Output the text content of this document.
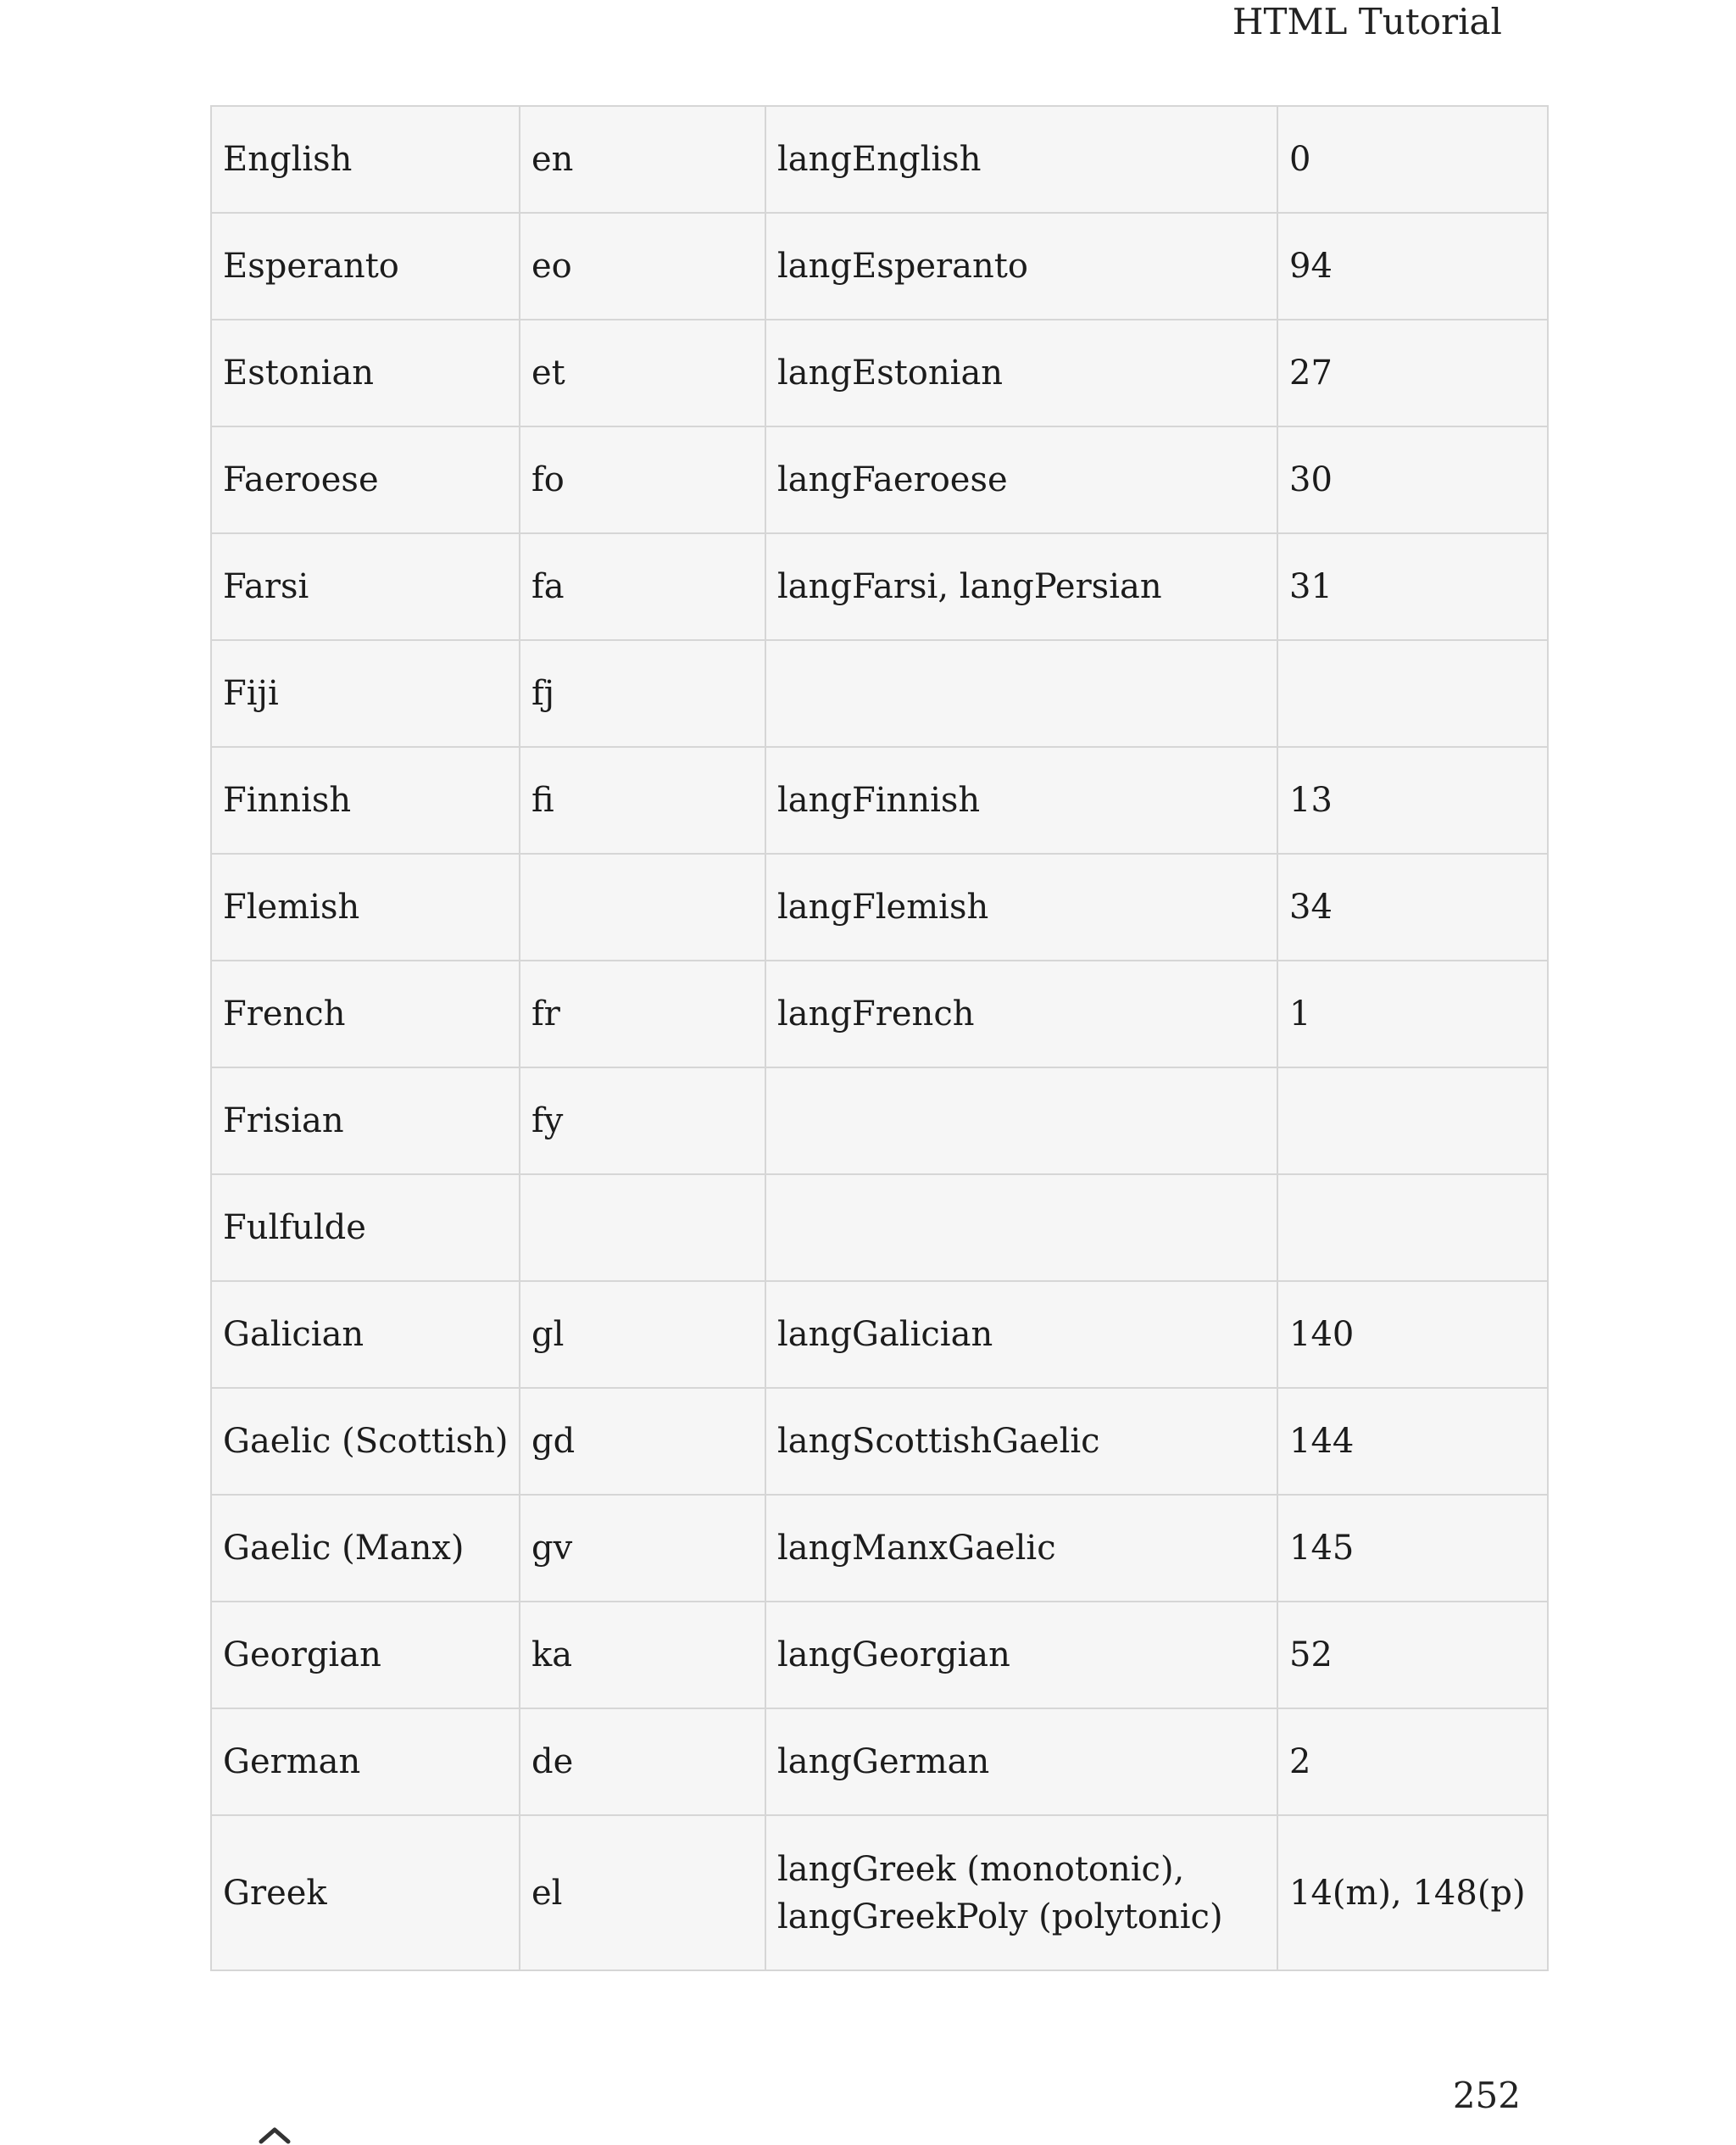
HTML Tutorial
English	en	langEnglish	0
Esperanto	eo	langEsperanto	94
Estonian	et	langEstonian	27
Faeroese	fo	langFaeroese	30
Farsi	fa	langFarsi, langPersian	31
Fiji	fj		
Finnish	fi	langFinnish	13
Flemish		langFlemish	34
French	fr	langFrench	1
Frisian	fy		
Fulfulde			
Galician	gl	langGalician	140
Gaelic (Scottish)	gd	langScottishGaelic	144
Gaelic (Manx)	gv	langManxGaelic	145
Georgian	ka	langGeorgian	52
German	de	langGerman	2
Greek	el	langGreek (monotonic),
langGreekPoly (polytonic)	14(m), 148(p)
252
